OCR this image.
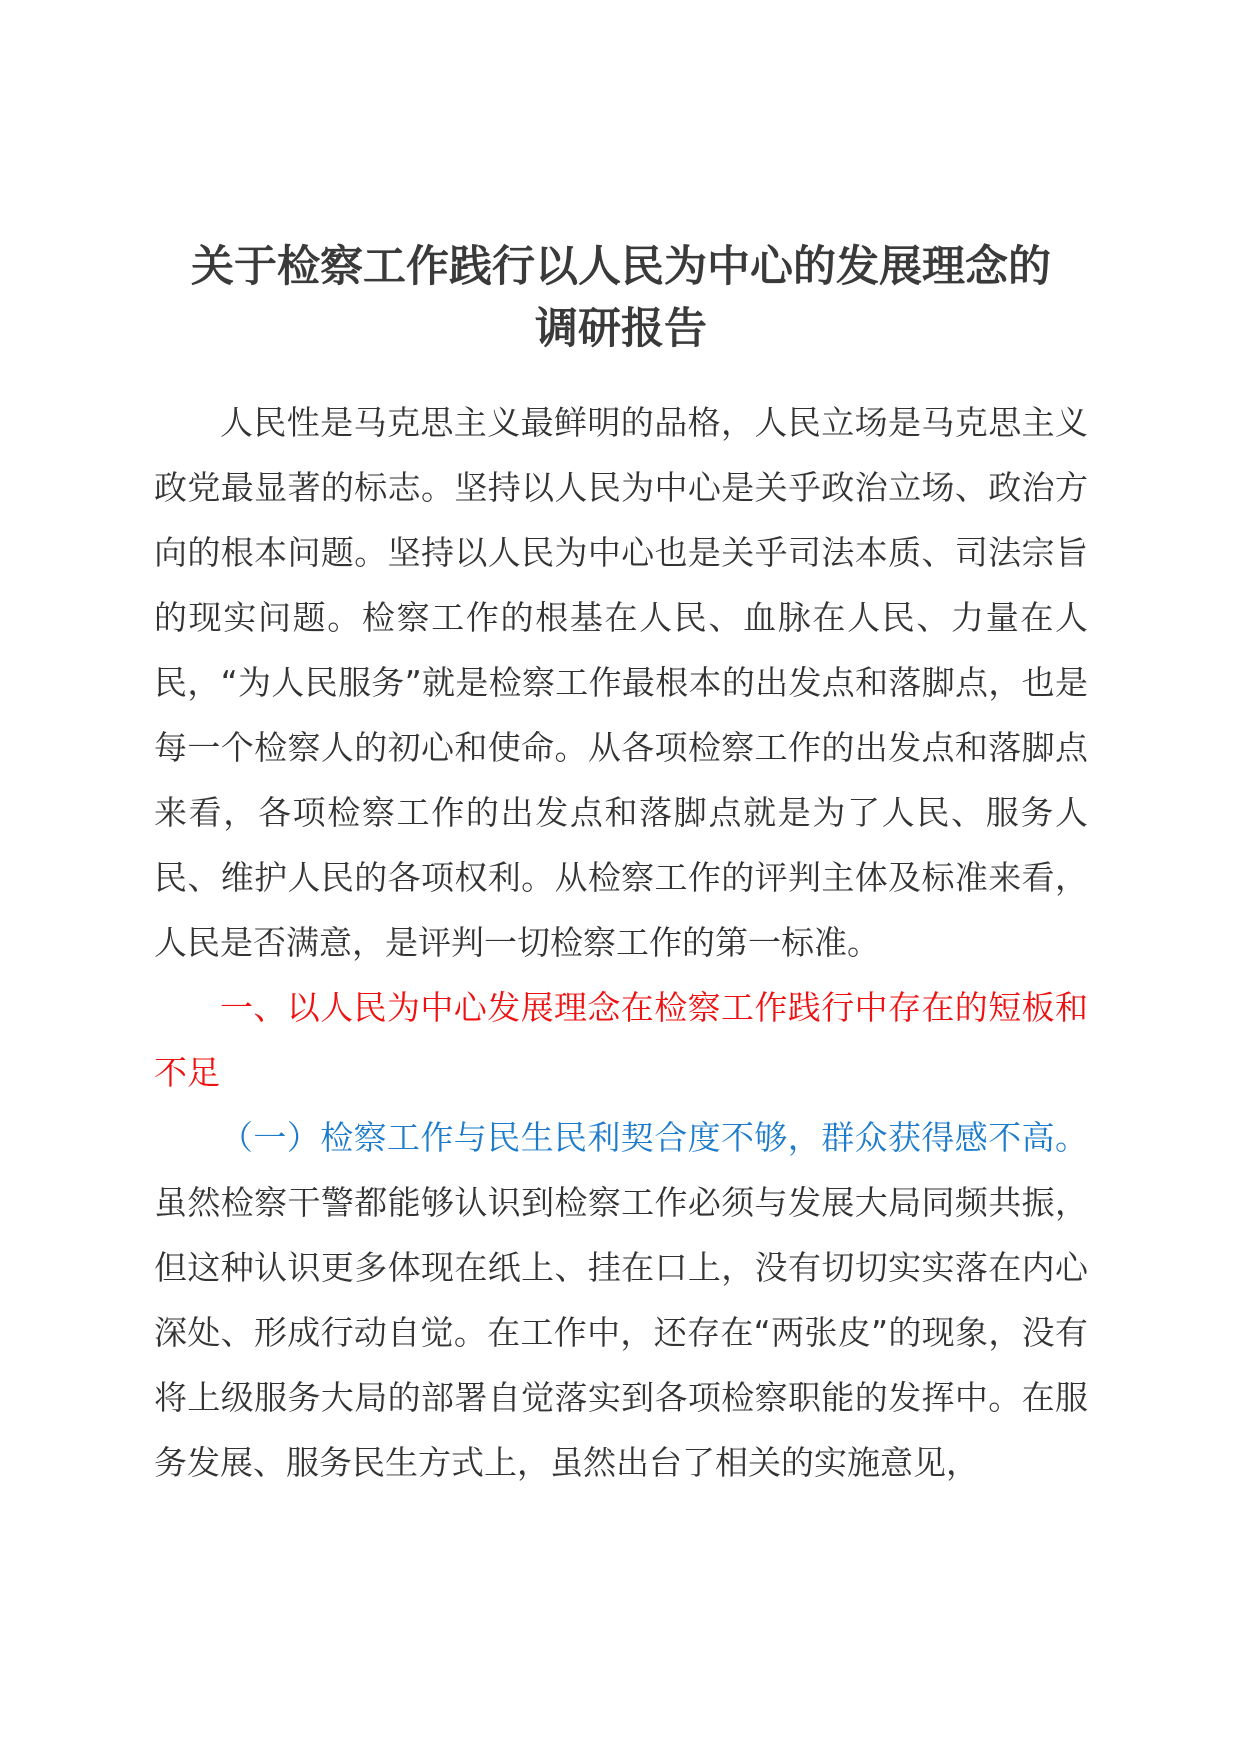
关于检察工作践行以人民为中心的发展理念的
调研报告

人民性是马克思主义最鲜明的品格，人民立场是马克思主义政党最显著的标志。坚持以人民为中心是关乎政治立场、政治方向的根本问题。坚持以人民为中心也是关乎司法本质、司法宗旨的现实问题。检察工作的根基在人民、血脉在人民、力量在人民，“为人民服务”就是检察工作最根本的出发点和落脚点，也是每一个检察人的初心和使命。从各项检察工作的出发点和落脚点来看，各项检察工作的出发点和落脚点就是为了人民、服务人民、维护人民的各项权利。从检察工作的评判主体及标准来看，人民是否满意，是评判一切检察工作的第一标准。

一、以人民为中心发展理念在检察工作践行中存在的短板和不足

（一）检察工作与民生民利契合度不够，群众获得感不高。虽然检察干警都能够认识到检察工作必须与发展大局同频共振，但这种认识更多体现在纸上、挂在口上，没有切切实实落在内心深处、形成行动自觉。在工作中，还存在“两张皮”的现象，没有将上级服务大局的部署自觉落实到各项检察职能的发挥中。在服务发展、服务民生方式上，虽然出台了相关的实施意见，
